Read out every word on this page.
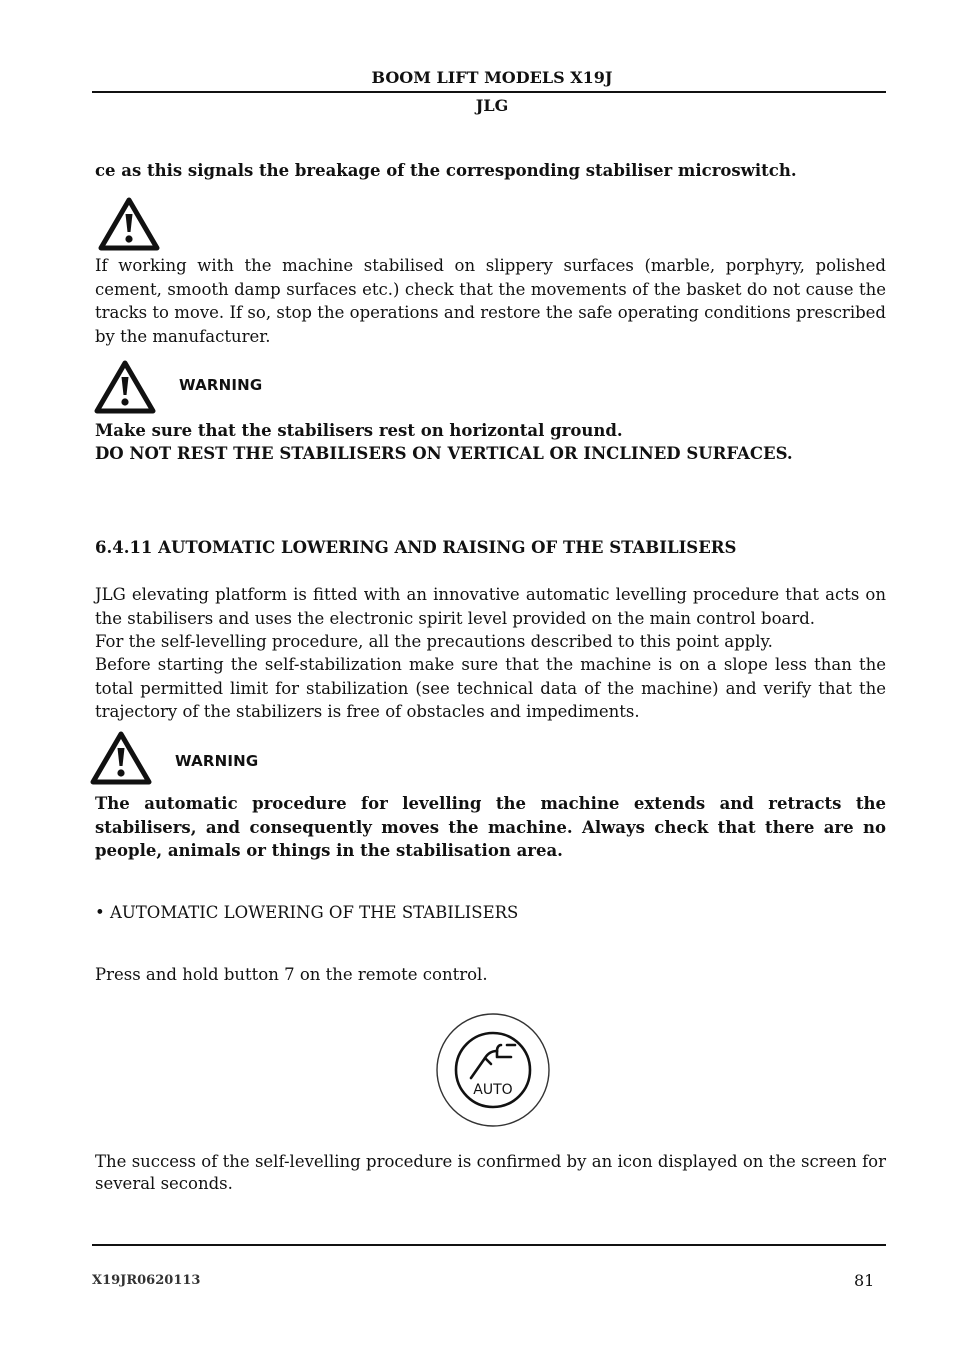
BOOM LIFT MODELS X19J
JLG
ce as this signals the breakage of the corresponding stabiliser microswitch.
If working with the machine stabilised on slippery surfaces (marble, porphyry, polished cement, smooth damp surfaces etc.) check that the movements of the basket do not cause the tracks to move. If so, stop the operations and restore the safe operating conditions prescribed by the manufacturer.
WARNING
Make sure that the stabilisers rest on horizontal ground.
DO NOT REST THE STABILISERS ON VERTICAL OR INCLINED SURFACES.
6.4.11 AUTOMATIC LOWERING AND RAISING OF THE STABILISERS
JLG elevating platform is fitted with an innovative automatic levelling procedure that acts on the stabilisers and uses the electronic spirit level provided on the main control board.
For the self-levelling procedure, all the precautions described to this point apply.
Before starting the self-stabilization make sure that the machine is on a slope less than the total permitted limit for stabilization (see technical data of the machine) and verify that the trajectory of the stabilizers is free of obstacles and impediments.
WARNING
The automatic procedure for levelling the machine extends and retracts the stabilisers, and consequently moves the machine. Always check that there are no people, animals or things in the stabilisation area.
• AUTOMATIC LOWERING OF THE STABILISERS
Press and hold button 7 on the remote control.
AUTO
The success of the self-levelling procedure is confirmed by an icon displayed on the screen for several seconds.
X19JR0620113	81
